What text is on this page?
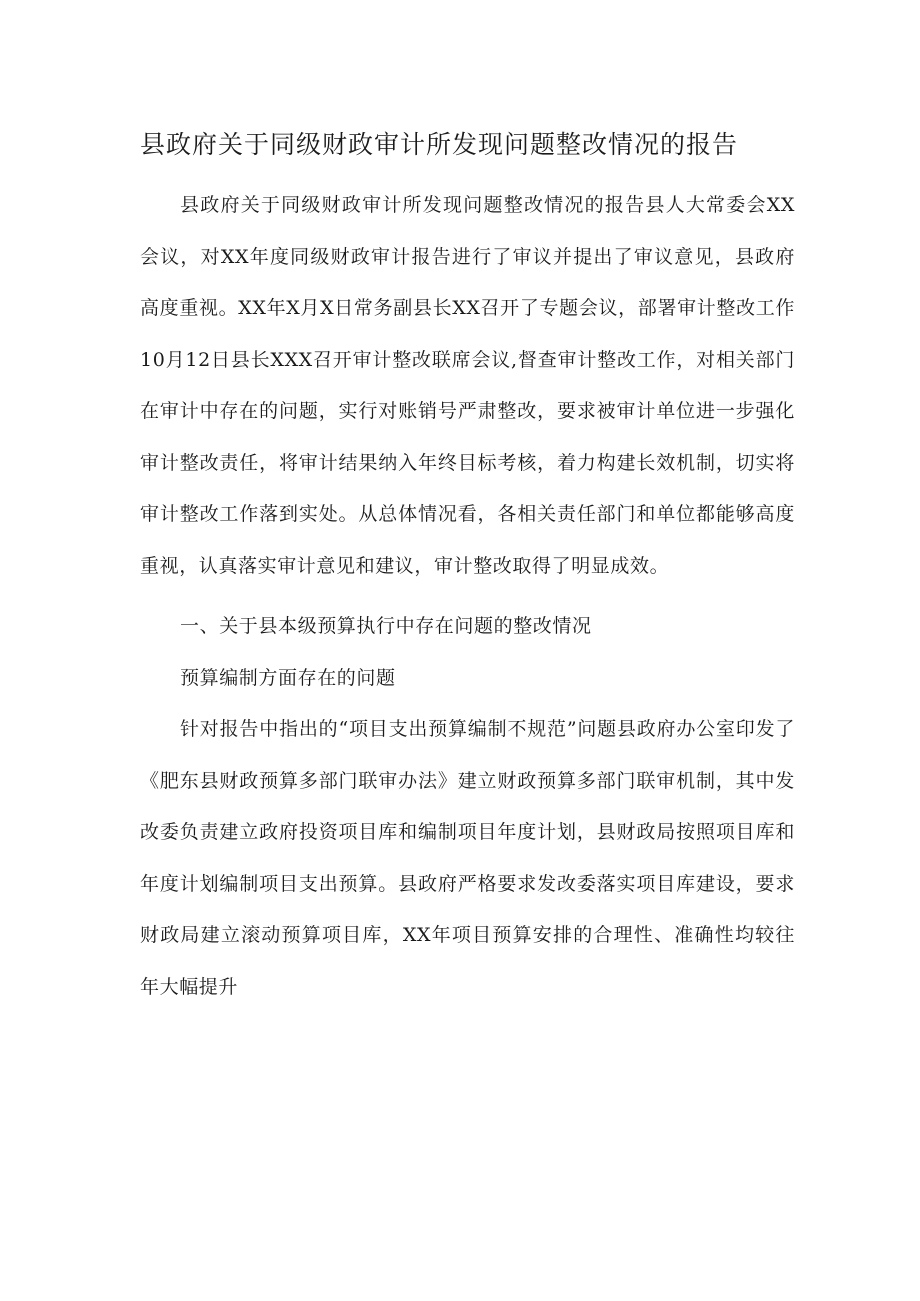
县政府关于同级财政审计所发现问题整改情况的报告

县政府关于同级财政审计所发现问题整改情况的报告县人大常委会XX会议，对XX年度同级财政审计报告进行了审议并提出了审议意见，县政府高度重视。XX年X月X日常务副县长XX召开了专题会议，部署审计整改工作10月12日县长XXX召开审计整改联席会议,督查审计整改工作，对相关部门在审计中存在的问题，实行对账销号严肃整改，要求被审计单位进一步强化审计整改责任，将审计结果纳入年终目标考核，着力构建长效机制，切实将审计整改工作落到实处。从总体情况看，各相关责任部门和单位都能够高度重视，认真落实审计意见和建议，审计整改取得了明显成效。

一、关于县本级预算执行中存在问题的整改情况

预算编制方面存在的问题

针对报告中指出的“项目支出预算编制不规范”问题县政府办公室印发了《肥东县财政预算多部门联审办法》建立财政预算多部门联审机制，其中发改委负责建立政府投资项目库和编制项目年度计划，县财政局按照项目库和年度计划编制项目支出预算。县政府严格要求发改委落实项目库建设，要求财政局建立滚动预算项目库，XX年项目预算安排的合理性、准确性均较往年大幅提升
